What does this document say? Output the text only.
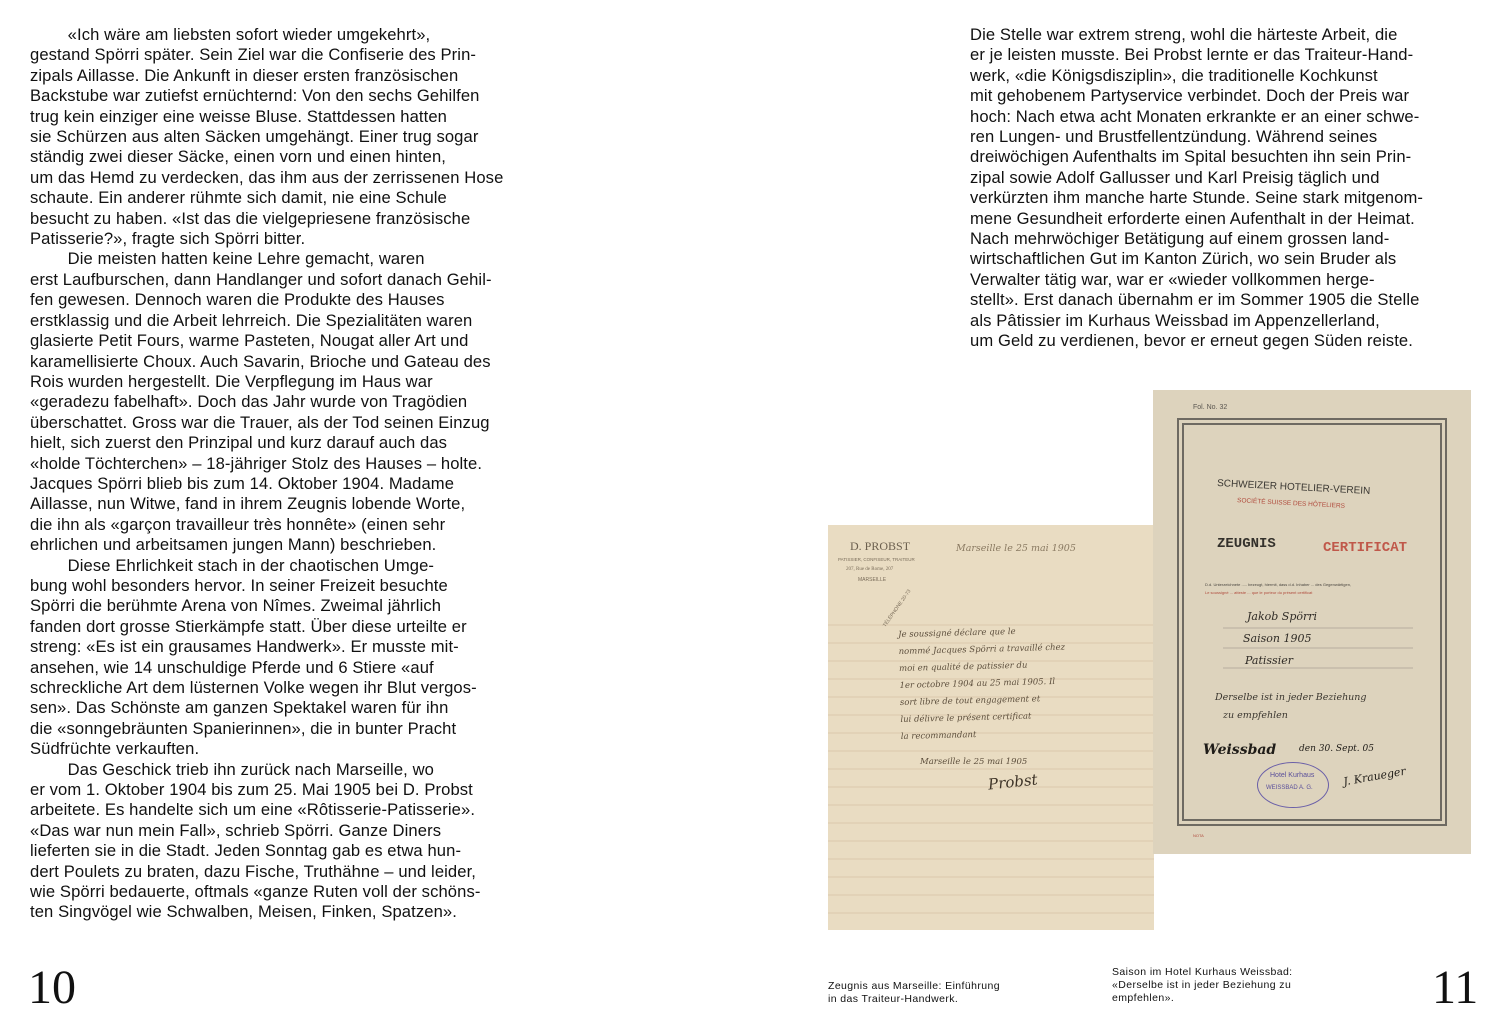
«Ich wäre am liebsten sofort wieder umgekehrt»,

gestand Spörri später. Sein Ziel war die Confiserie des Prin-

zipals Aillasse. Die Ankunft in dieser ersten französischen

Backstube war zutiefst ernüchternd: Von den sechs Gehilfen

trug kein einziger eine weisse Bluse. Stattdessen hatten

sie Schürzen aus alten Säcken umgehängt. Einer trug sogar

ständig zwei dieser Säcke, einen vorn und einen hinten,

um das Hemd zu verdecken, das ihm aus der zerrissenen Hose

schaute. Ein anderer rühmte sich damit, nie eine Schule

besucht zu haben. «Ist das die vielgepriesene französische

Patisserie?», fragte sich Spörri bitter.

Die meisten hatten keine Lehre gemacht, waren

erst Laufburschen, dann Handlanger und sofort danach Gehil-

fen gewesen. Dennoch waren die Produkte des Hauses

erstklassig und die Arbeit lehrreich. Die Spezialitäten waren

glasierte Petit Fours, warme Pasteten, Nougat aller Art und

karamellisierte Choux. Auch Savarin, Brioche und Gateau des

Rois wurden hergestellt. Die Verpflegung im Haus war

«geradezu fabelhaft». Doch das Jahr wurde von Tragödien

überschattet. Gross war die Trauer, als der Tod seinen Einzug

hielt, sich zuerst den Prinzipal und kurz darauf auch das

«holde Töchterchen» – 18-jähriger Stolz des Hauses – holte.

Jacques Spörri blieb bis zum 14. Oktober 1904. Madame

Aillasse, nun Witwe, fand in ihrem Zeugnis lobende Worte,

die ihn als «garçon travailleur très honnête» (einen sehr

ehrlichen und arbeitsamen jungen Mann) beschrieben.

Diese Ehrlichkeit stach in der chaotischen Umge-

bung wohl besonders hervor. In seiner Freizeit besuchte

Spörri die berühmte Arena von Nîmes. Zweimal jährlich

fanden dort grosse Stierkämpfe statt. Über diese urteilte er

streng: «Es ist ein grausames Handwerk». Er musste mit-

ansehen, wie 14 unschuldige Pferde und 6 Stiere «auf

schreckliche Art dem lüsternen Volke wegen ihr Blut vergos-

sen». Das Schönste am ganzen Spektakel waren für ihn

die «sonngebräunten Spanierinnen», die in bunter Pracht

Südfrüchte verkauften.

Das Geschick trieb ihn zurück nach Marseille, wo

er vom 1. Oktober 1904 bis zum 25. Mai 1905 bei D. Probst

arbeitete. Es handelte sich um eine «Rôtisserie-Patisserie».

«Das war nun mein Fall», schrieb Spörri. Ganze Diners

lieferten sie in die Stadt. Jeden Sonntag gab es etwa hun-

dert Poulets zu braten, dazu Fische, Truthähne – und leider,

wie Spörri bedauerte, oftmals «ganze Ruten voll der schöns-

ten Singvögel wie Schwalben, Meisen, Finken, Spatzen».

Die Stelle war extrem streng, wohl die härteste Arbeit, die

er je leisten musste. Bei Probst lernte er das Traiteur-Hand-

werk, «die Königsdisziplin», die traditionelle Kochkunst

mit gehobenem Partyservice verbindet. Doch der Preis war

hoch: Nach etwa acht Monaten erkrankte er an einer schwe-

ren Lungen- und Brustfellentzündung. Während seines

dreiwöchigen Aufenthalts im Spital besuchten ihn sein Prin-

zipal sowie Adolf Gallusser und Karl Preisig täglich und

verkürzten ihm manche harte Stunde. Seine stark mitgenom-

mene Gesundheit erforderte einen Aufenthalt in der Heimat.

Nach mehrwöchiger Betätigung auf einem grossen land-

wirtschaftlichen Gut im Kanton Zürich, wo sein Bruder als

Verwalter tätig war, war er «wieder vollkommen herge-

stellt». Erst danach übernahm er im Sommer 1905 die Stelle

als Pâtissier im Kurhaus Weissbad im Appenzellerland,

um Geld zu verdienen, bevor er erneut gegen Süden reiste.

D. PROBST
PATISSIER, CONFISEUR, TRAITEUR
207, Rue de Rome, 207
MARSEILLE
TÉLÉPHONE 20-73
Marseille le 25 mai 1905
Je soussigné déclare que le
nommé Jacques Spörri a travaillé chez
moi en qualité de patissier du
1er octobre 1904 au 25 mai 1905. Il
sort libre de tout engagement et
lui délivre le présent certificat
la recommandant
Marseille le 25 mai 1905
Probst
Fol. No. 32
SCHWEIZER HOTELIER-VEREIN
SOCIÉTÉ SUISSE DES HÔTELIERS
ZEUGNIS	CERTIFICAT
D.d. Unterzeichnete ..... bezeugt, hiermit, dass d.d. Inhaber ... des Gegenwärtigen,
Le soussigné ... atteste ... que le porteur du présent certificat
Jakob Spörri
Saison 1905
Patissier
Derselbe ist in jeder Beziehung
zu empfehlen
Weissbad	den 30. Sept. 05
Hotel Kurhaus
WEISSBAD A. G.	J. Kraueger
NOTA
Zeugnis aus Marseille: Einführung
in das Traiteur-Handwerk.
Saison im Hotel Kurhaus Weissbad:
«Derselbe ist in jeder Beziehung zu
empfehlen».
10	11
